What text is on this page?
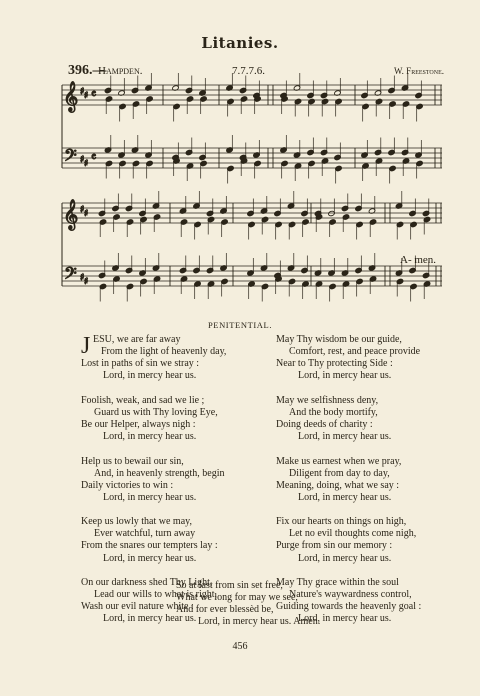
Litanies.
396.—
Hampden.	7.7.7.6.	W. Freestone.
𝄞
𝄢
♯ ♯
♯ ♯
𝄴
𝄴
𝄞
𝄢
♯ ♯
♯ ♯
A- men.
PENITENTIAL.
J ESU, we are far away
From the light of heavenly day,
Lost in paths of sin we stray :
Lord, in mercy hear us.
Foolish, weak, and sad we lie ;
Guard us with Thy loving Eye,
Be our Helper, always nigh :
Lord, in mercy hear us.
Help us to bewail our sin,
And, in heavenly strength, begin
Daily victories to win :
Lord, in mercy hear us.
Keep us lowly that we may,
Ever watchful, turn away
From the snares our tempters lay :
Lord, in mercy hear us.
On our darkness shed Thy Light,
Lead our wills to what is right,
Wash our evil nature white :
Lord, in mercy hear us.
May Thy wisdom be our guide,
Comfort, rest, and peace provide
Near to Thy protecting Side :
Lord, in mercy hear us.
May we selfishness deny,
And the body mortify,
Doing deeds of charity :
Lord, in mercy hear us.
Make us earnest when we pray,
Diligent from day to day,
Meaning, doing, what we say :
Lord, in mercy hear us.
Fix our hearts on things on high,
Let no evil thoughts come nigh,
Purge from sin our memory :
Lord, in mercy hear us.
May Thy grace within the soul
Nature's waywardness control,
Guiding towards the heavenly goal :
Lord, in mercy hear us.
So at last from sin set free,
What we long for may we see,
And for ever blessèd be,
Lord, in mercy hear us. Amen.
456
